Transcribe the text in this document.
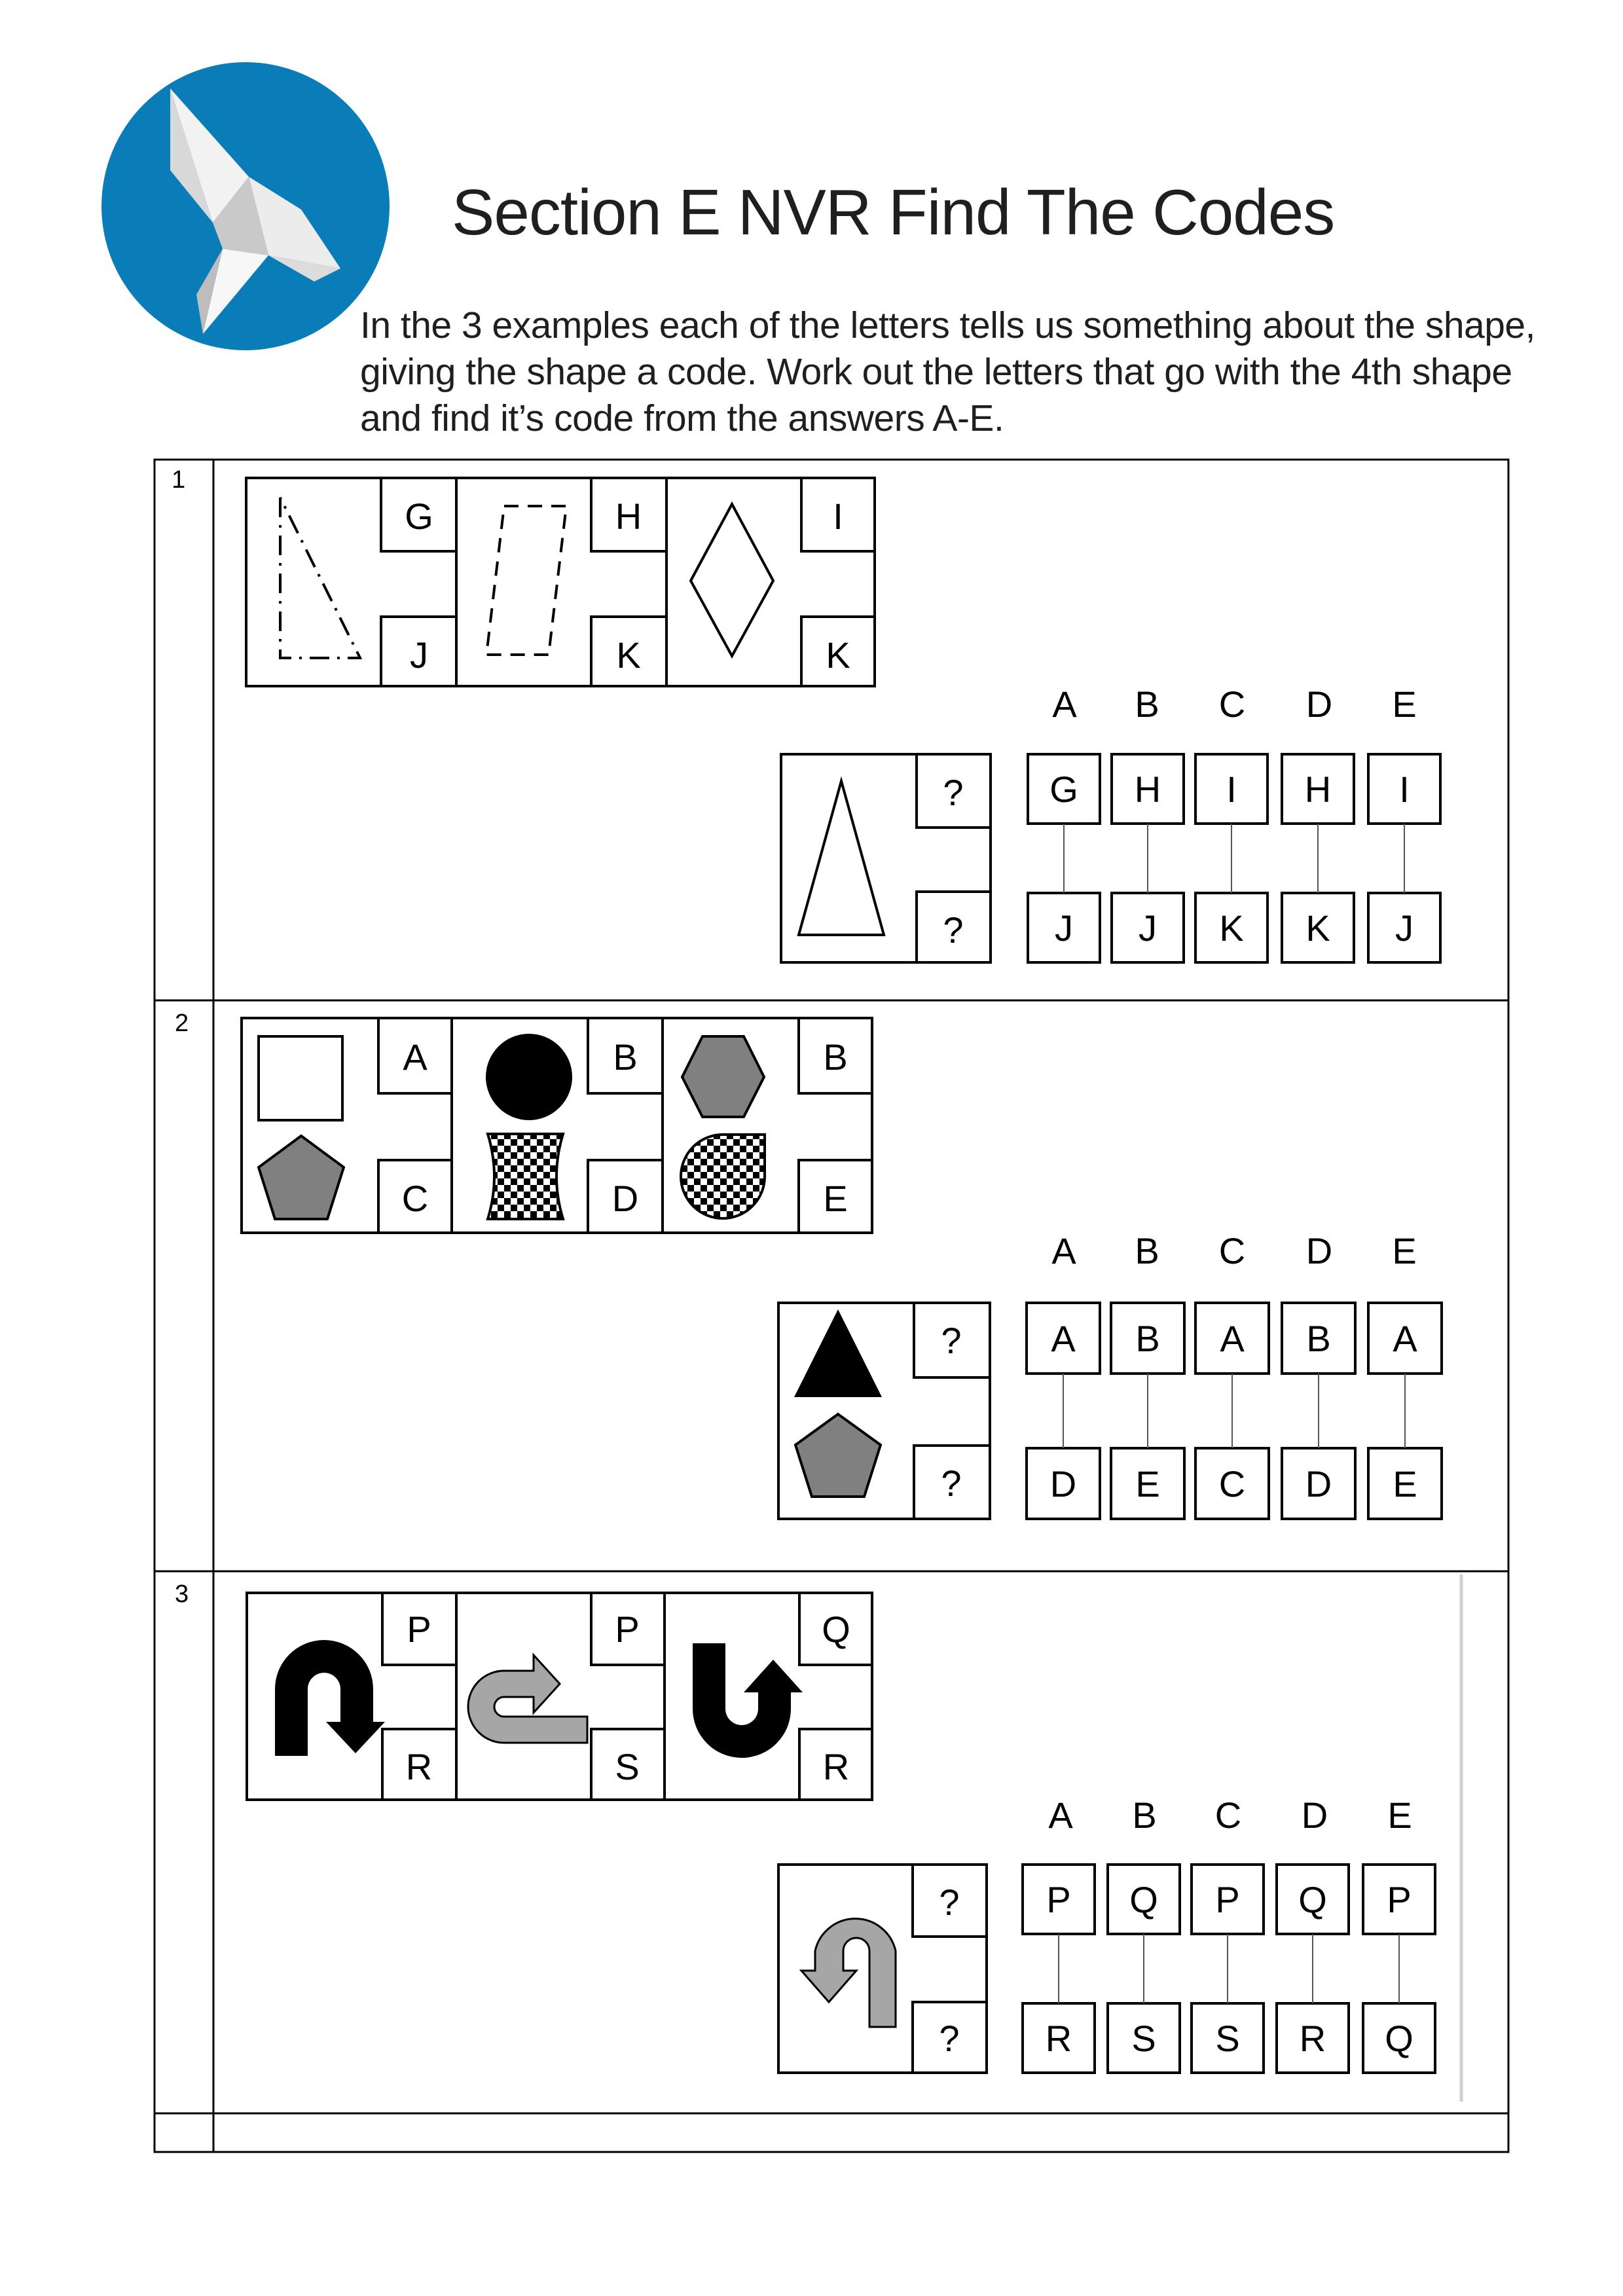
Section E NVR Find The Codes

In the 3 examples each of the letters tells us something about the shape, giving the shape a code. Work out the letters that go with the 4th shape and find it’s code from the answers A-E.

1
2
3
G
J
H
K
I
K
?
?
A B C D E
G H I H I
J J K K J
A
C
B
D
B
E
?
?
A B C D E
A B A B A
D E C D E
P
R
P
S
Q
R
?
?
A B C D E
P Q P Q P
R S S R Q
